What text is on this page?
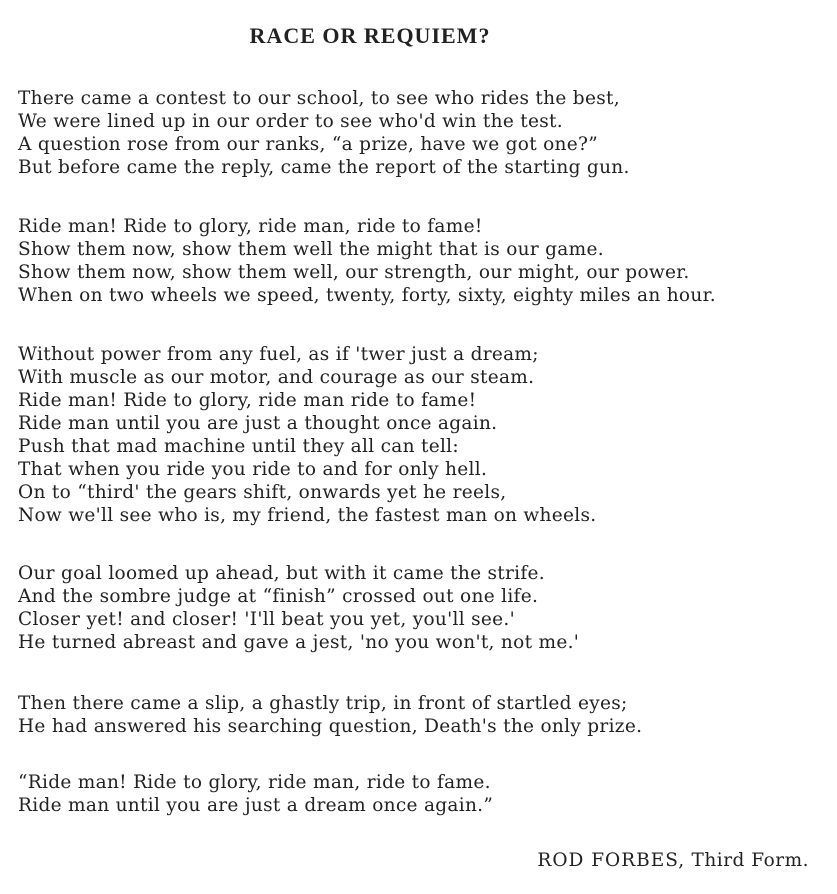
RACE OR REQUIEM?
There came a contest to our school, to see who rides the best,
We were lined up in our order to see who'd win the test.
A question rose from our ranks, “a prize, have we got one?”
But before came the reply, came the report of the starting gun.
Ride man! Ride to glory, ride man, ride to fame!
Show them now, show them well the might that is our game.
Show them now, show them well, our strength, our might, our power.
When on two wheels we speed, twenty, forty, sixty, eighty miles an hour.
Without power from any fuel, as if 'twer just a dream;
With muscle as our motor, and courage as our steam.
Ride man! Ride to glory, ride man ride to fame!
Ride man until you are just a thought once again.
Push that mad machine until they all can tell:
That when you ride you ride to and for only hell.
On to “third' the gears shift, onwards yet he reels,
Now we'll see who is, my friend, the fastest man on wheels.
Our goal loomed up ahead, but with it came the strife.
And the sombre judge at “finish” crossed out one life.
Closer yet! and closer! 'I'll beat you yet, you'll see.'
He turned abreast and gave a jest, 'no you won't, not me.'
Then there came a slip, a ghastly trip, in front of startled eyes;
He had answered his searching question, Death's the only prize.
“Ride man! Ride to glory, ride man, ride to fame.
Ride man until you are just a dream once again.”
ROD FORBES, Third Form.
